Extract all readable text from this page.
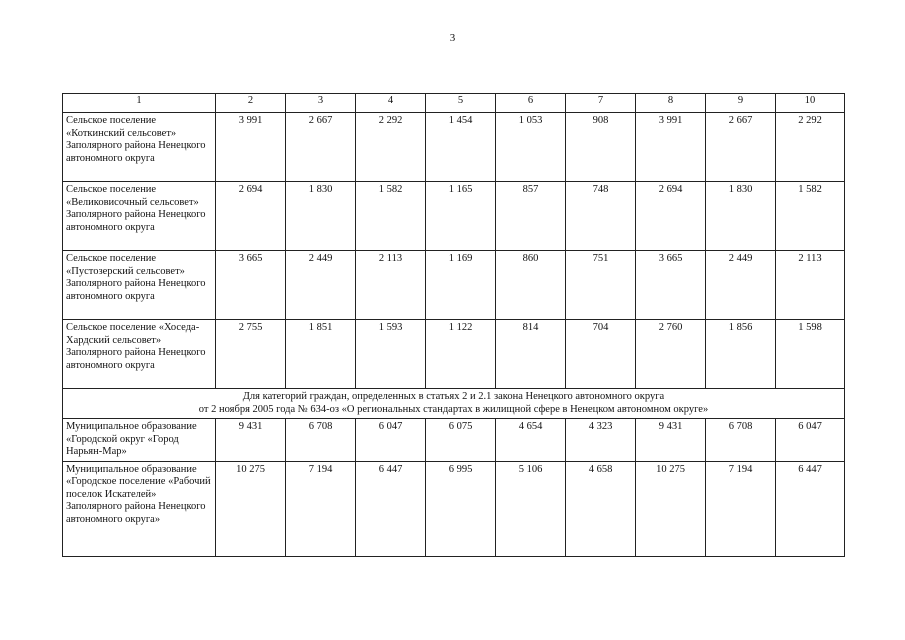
3
1	2	3	4	5	6	7	8	9	10
Сельское поселение «Коткинский сельсовет» Заполярного района Ненецкого автономного округа	3 991	2 667	2 292	1 454	1 053	908	3 991	2 667	2 292
Сельское поселение «Великовисочный сельсовет» Заполярного района Ненецкого автономного округа	2 694	1 830	1 582	1 165	857	748	2 694	1 830	1 582
Сельское поселение «Пустозерский сельсовет» Заполярного района Ненецкого автономного округа	3 665	2 449	2 113	1 169	860	751	3 665	2 449	2 113
Сельское поселение «Хоседа-Хардский сельсовет» Заполярного района Ненецкого автономного округа	2 755	1 851	1 593	1 122	814	704	2 760	1 856	1 598

Для категорий граждан, определенных в статьях 2 и 2.1 закона Ненецкого автономного округа
от 2 ноября 2005 года № 634-оз «О региональных стандартах в жилищной сфере в Ненецком автономном округе»									

Муниципальное образование «Городской округ «Город Нарьян-Мар»	9 431	6 708	6 047	6 075	4 654	4 323	9 431	6 708	6 047
Муниципальное образование «Городское поселение «Рабочий поселок Искателей» Заполярного района Ненецкого автономного округа»	10 275	7 194	6 447	6 995	5 106	4 658	10 275	7 194	6 447
